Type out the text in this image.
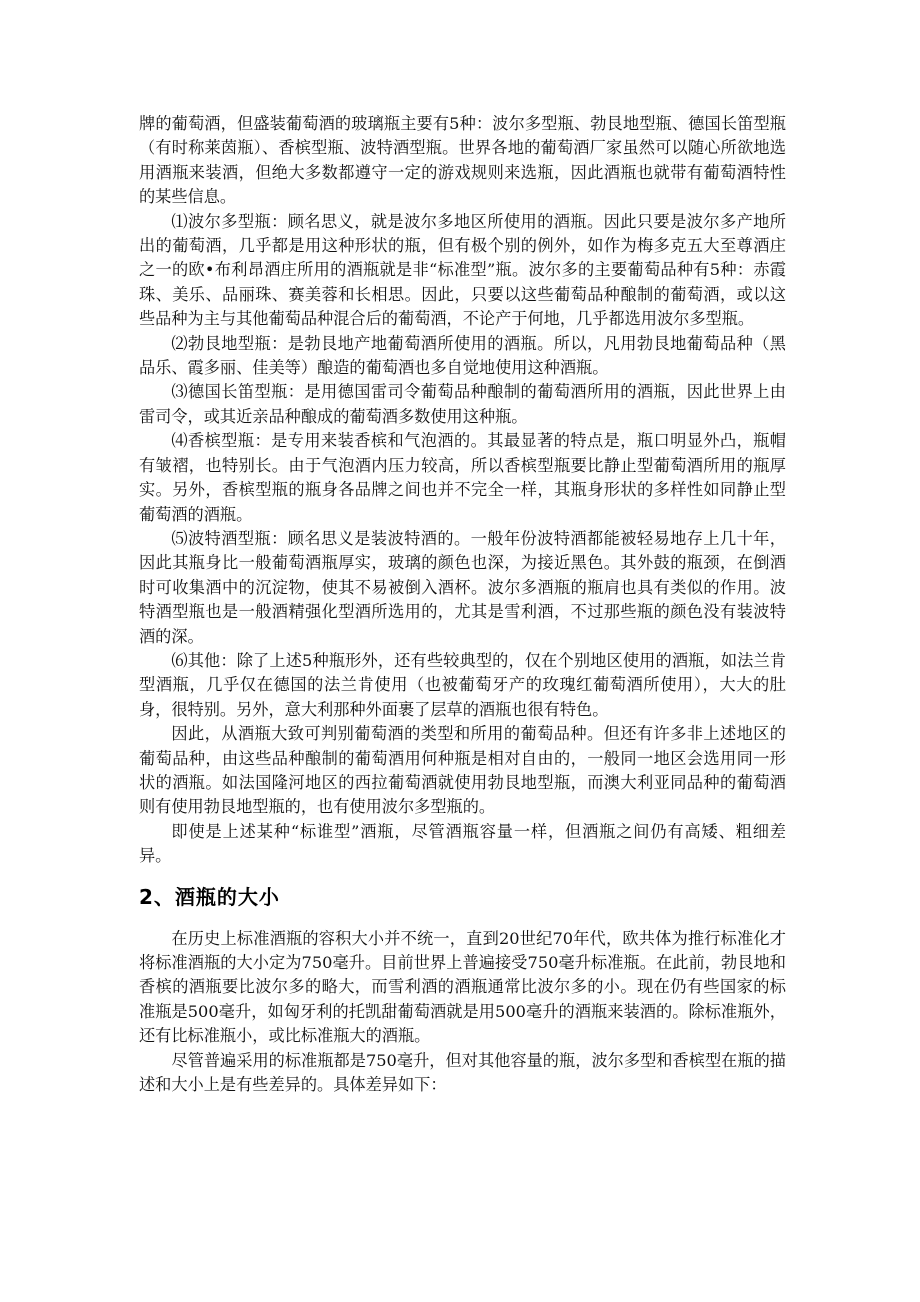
牌的葡萄酒，但盛装葡萄酒的玻璃瓶主要有5种：波尔多型瓶、勃艮地型瓶、德国长笛型瓶（有时称莱茵瓶）、香槟型瓶、波特酒型瓶。世界各地的葡萄酒厂家虽然可以随心所欲地选用酒瓶来装酒，但绝大多数都遵守一定的游戏规则来选瓶，因此酒瓶也就带有葡萄酒特性的某些信息。

⑴波尔多型瓶：顾名思义，就是波尔多地区所使用的酒瓶。因此只要是波尔多产地所出的葡萄酒，几乎都是用这种形状的瓶，但有极个别的例外，如作为梅多克五大至尊酒庄之一的欧•布利昂酒庄所用的酒瓶就是非“标准型”瓶。波尔多的主要葡萄品种有5种：赤霞珠、美乐、品丽珠、赛美蓉和长相思。因此，只要以这些葡萄品种酿制的葡萄酒，或以这些品种为主与其他葡萄品种混合后的葡萄酒，不论产于何地，几乎都选用波尔多型瓶。

⑵勃艮地型瓶：是勃艮地产地葡萄酒所使用的酒瓶。所以，凡用勃艮地葡萄品种（黑品乐、霞多丽、佳美等）酿造的葡萄酒也多自觉地使用这种酒瓶。

⑶德国长笛型瓶：是用德国雷司令葡萄品种酿制的葡萄酒所用的酒瓶，因此世界上由雷司令，或其近亲品种酿成的葡萄酒多数使用这种瓶。

⑷香槟型瓶：是专用来装香槟和气泡酒的。其最显著的特点是，瓶口明显外凸，瓶帽有皱褶，也特别长。由于气泡酒内压力较高，所以香槟型瓶要比静止型葡萄酒所用的瓶厚实。另外，香槟型瓶的瓶身各品牌之间也并不完全一样，其瓶身形状的多样性如同静止型葡萄酒的酒瓶。

⑸波特酒型瓶：顾名思义是装波特酒的。一般年份波特酒都能被轻易地存上几十年，因此其瓶身比一般葡萄酒瓶厚实，玻璃的颜色也深，为接近黑色。其外鼓的瓶颈，在倒酒时可收集酒中的沉淀物，使其不易被倒入酒杯。波尔多酒瓶的瓶肩也具有类似的作用。波特酒型瓶也是一般酒精强化型酒所选用的，尤其是雪利酒，不过那些瓶的颜色没有装波特酒的深。

⑹其他：除了上述5种瓶形外，还有些较典型的，仅在个别地区使用的酒瓶，如法兰肯型酒瓶，几乎仅在德国的法兰肯使用（也被葡萄牙产的玫瑰红葡萄酒所使用），大大的肚身，很特别。另外，意大利那种外面裹了层草的酒瓶也很有特色。

因此，从酒瓶大致可判别葡萄酒的类型和所用的葡萄品种。但还有许多非上述地区的葡萄品种，由这些品种酿制的葡萄酒用何种瓶是相对自由的，一般同一地区会选用同一形状的酒瓶。如法国隆河地区的西拉葡萄酒就使用勃艮地型瓶，而澳大利亚同品种的葡萄酒则有使用勃艮地型瓶的，也有使用波尔多型瓶的。

即使是上述某种“标谁型”酒瓶，尽管酒瓶容量一样，但酒瓶之间仍有高矮、粗细差异。

2、酒瓶的大小

在历史上标准酒瓶的容积大小并不统一，直到20世纪70年代，欧共体为推行标准化才将标准酒瓶的大小定为750毫升。目前世界上普遍接受750毫升标准瓶。在此前，勃艮地和香槟的酒瓶要比波尔多的略大，而雪利酒的酒瓶通常比波尔多的小。现在仍有些国家的标准瓶是500毫升，如匈牙利的托凯甜葡萄酒就是用500毫升的酒瓶来装酒的。除标准瓶外，还有比标准瓶小，或比标准瓶大的酒瓶。

尽管普遍采用的标准瓶都是750毫升，但对其他容量的瓶，波尔多型和香槟型在瓶的描述和大小上是有些差异的。具体差异如下：
